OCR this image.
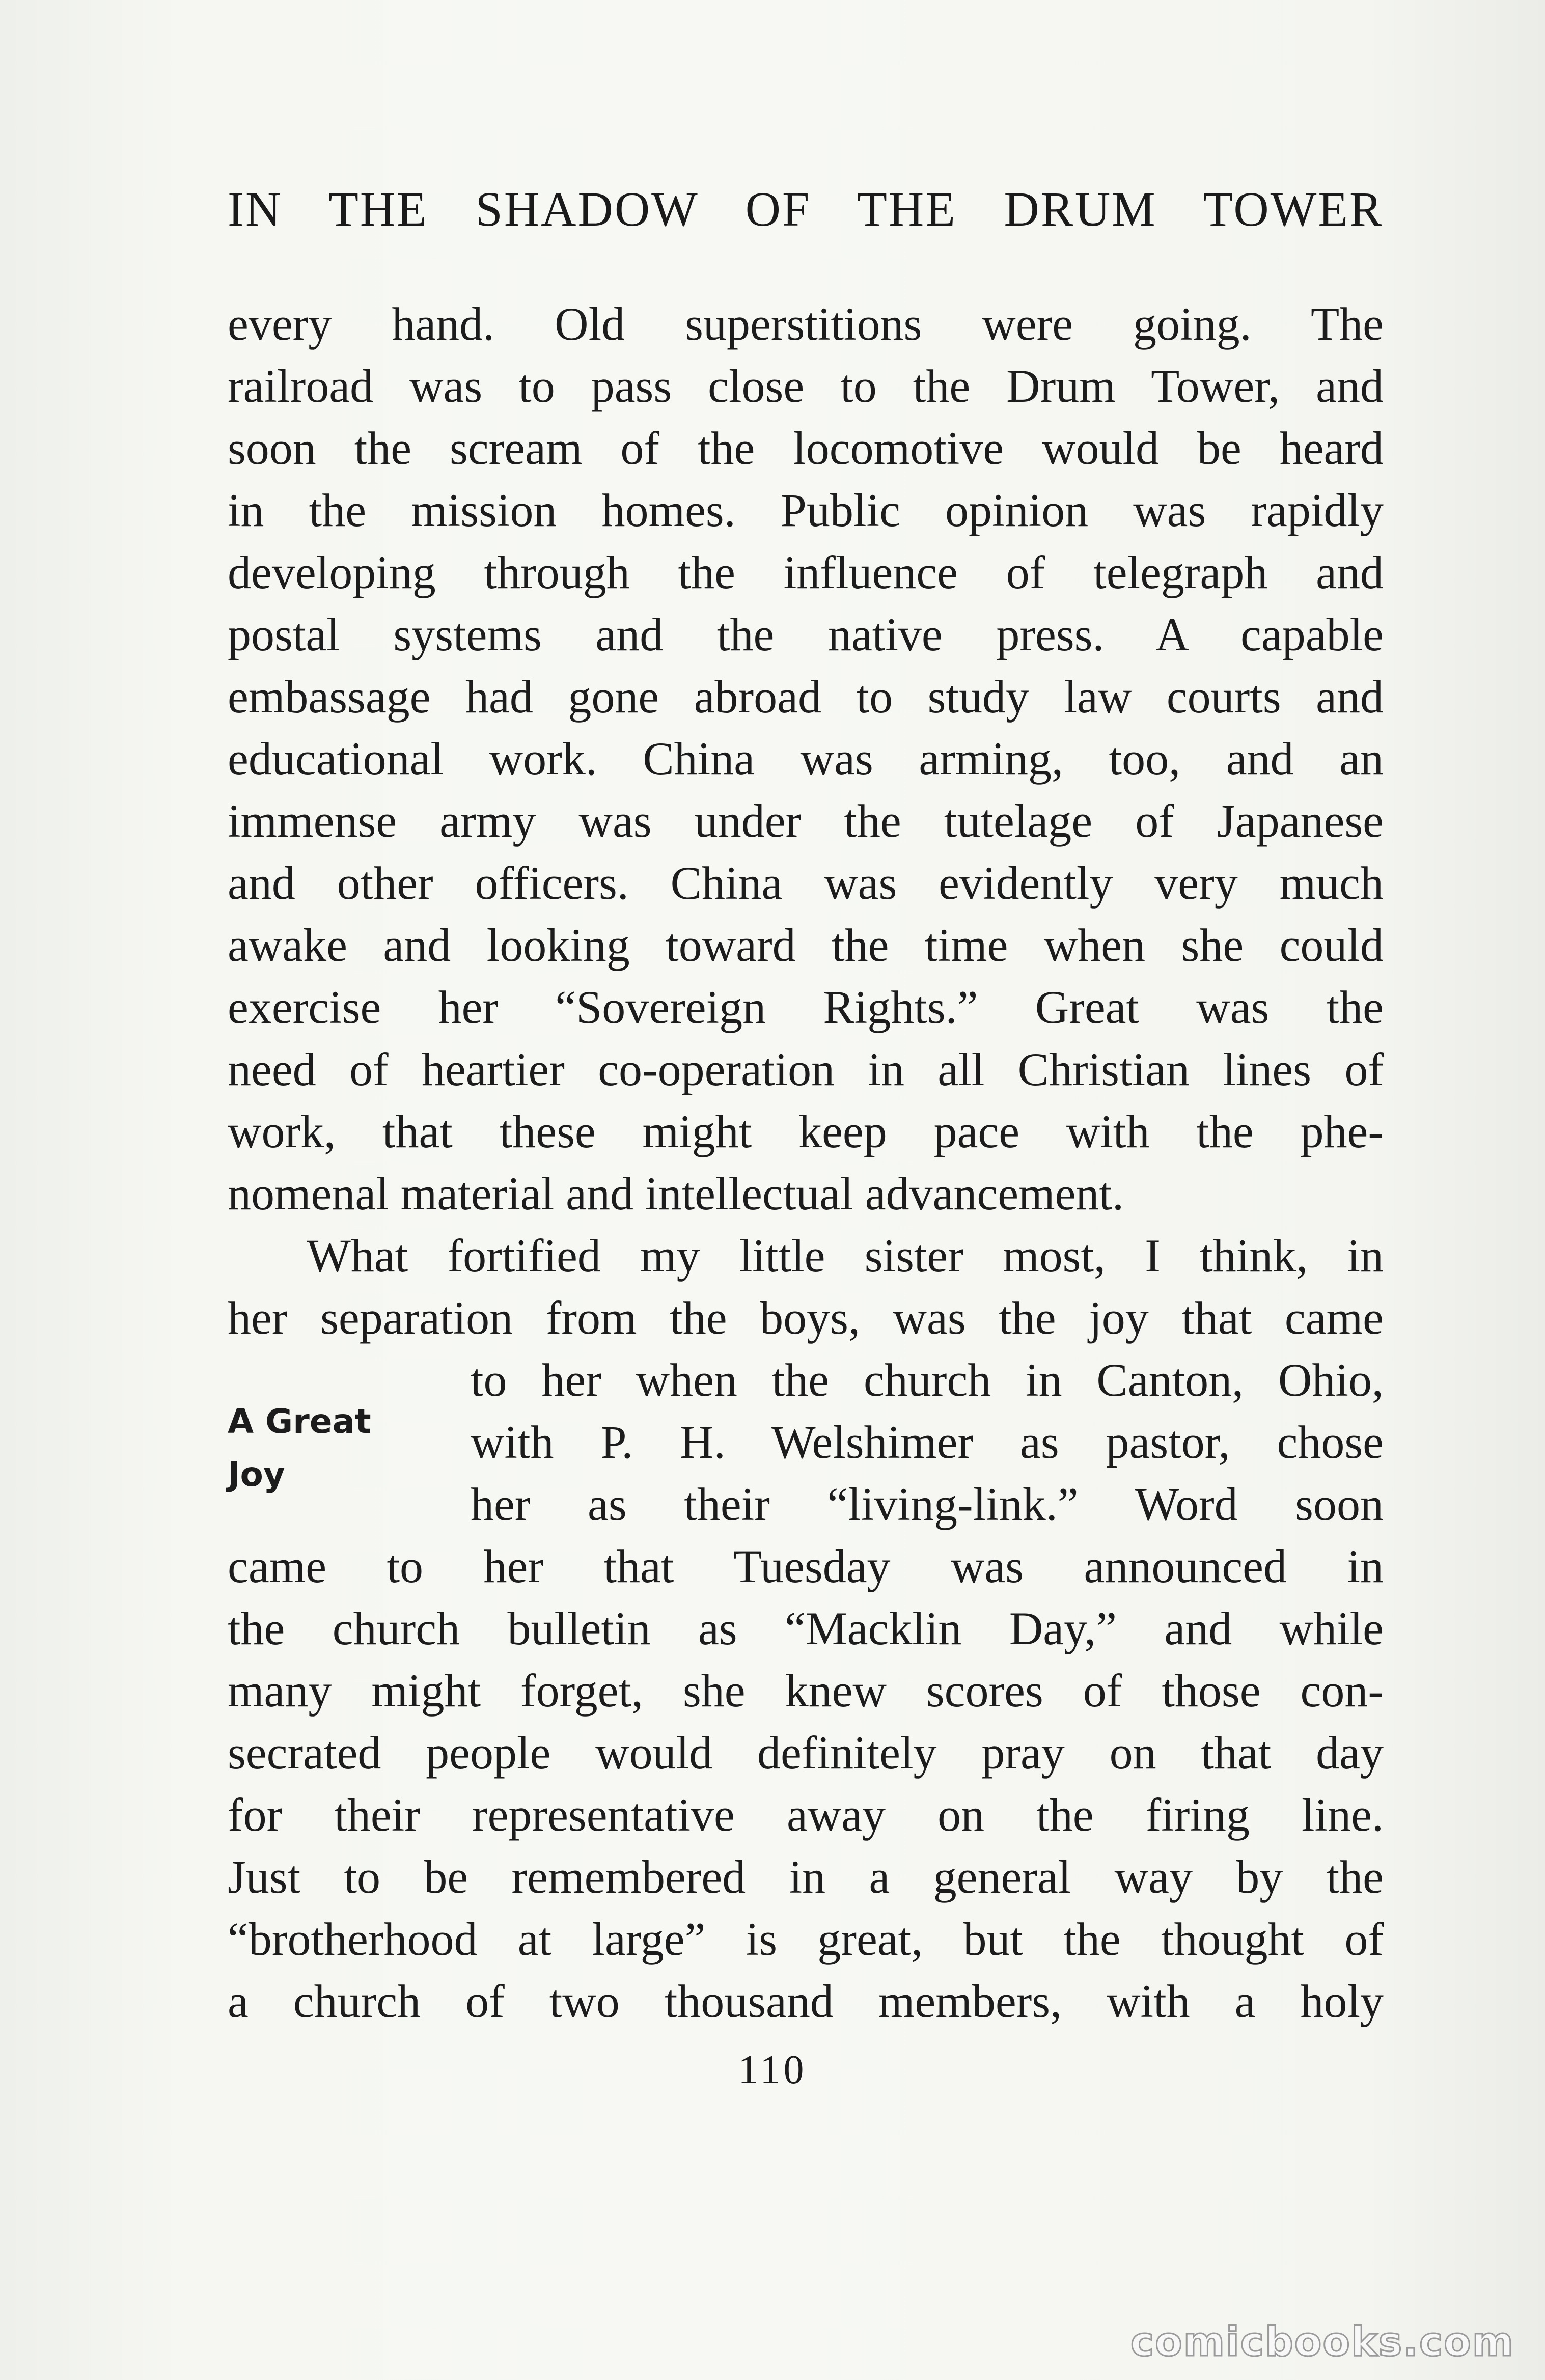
IN THE SHADOW OF THE DRUM TOWER
every hand. Old superstitions were going. The
railroad was to pass close to the Drum Tower, and
soon the scream of the locomotive would be heard
in the mission homes. Public opinion was rapidly
developing through the influence of telegraph and
postal systems and the native press. A capable
embassage had gone abroad to study law courts and
educational work. China was arming, too, and an
immense army was under the tutelage of Japanese
and other officers. China was evidently very much
awake and looking toward the time when she could
exercise her “Sovereign Rights.” Great was the
need of heartier co-operation in all Christian lines of
work, that these might keep pace with the phe-
nomenal material and intellectual advancement.
What fortified my little sister most, I think, in
her separation from the boys, was the joy that came
to her when the church in Canton, Ohio,
with P. H. Welshimer as pastor, chose
her as their “living-link.” Word soon
came to her that Tuesday was announced in
the church bulletin as “Macklin Day,” and while
many might forget, she knew scores of those con-
secrated people would definitely pray on that day
for their representative away on the firing line.
Just to be remembered in a general way by the
“brotherhood at large” is great, but the thought of
a church of two thousand members, with a holy
A Great
Joy
110
comicbooks.com
